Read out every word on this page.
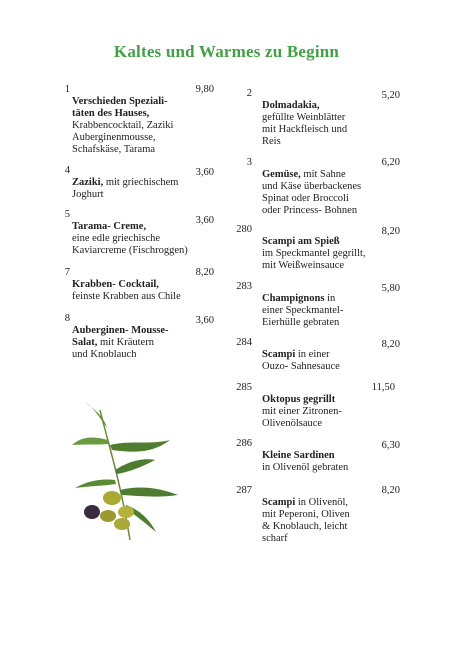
Kaltes und Warmes zu Beginn
1

Verschieden Speziali-
täten des Hauses,

Krabbencocktail, Zaziki
Auberginenmousse,
Schafskäse, Tarama

9,80
4

Zaziki, mit griechischem
Joghurt

3,60
5

Tarama- Creme,
eine edle griechische
Kaviarcreme (Fischroggen)

3,60
7

Krabben- Cocktail,
feinste Krabben aus Chile

8,20
8

Auberginen- Mousse-
Salat, mit Kräutern
und Knoblauch

3,60
2

Dolmadakia,
gefüllte Weinblätter
mit Hackfleisch und
Reis

5,20
3

Gemüse, mit Sahne
und Käse überbackenes
Spinat oder Broccoli
oder Princess- Bohnen

6,20
280

Scampi am Spieß
im Speckmantel gegrillt,
mit Weißweinsauce

8,20
283

Champignons in
einer Speckmantel-
Eierhülle gebraten

5,80
284

Scampi in einer
Ouzo- Sahnesauce

8,20
285

Oktopus gegrillt
mit einer Zitronen-
Olivenölsauce

11,50
286

Kleine Sardinen
in Olivenöl gebraten

6,30
287

Scampi in Olivenöl,
mit Peperoni, Oliven
& Knoblauch, leicht
scharf

8,20
